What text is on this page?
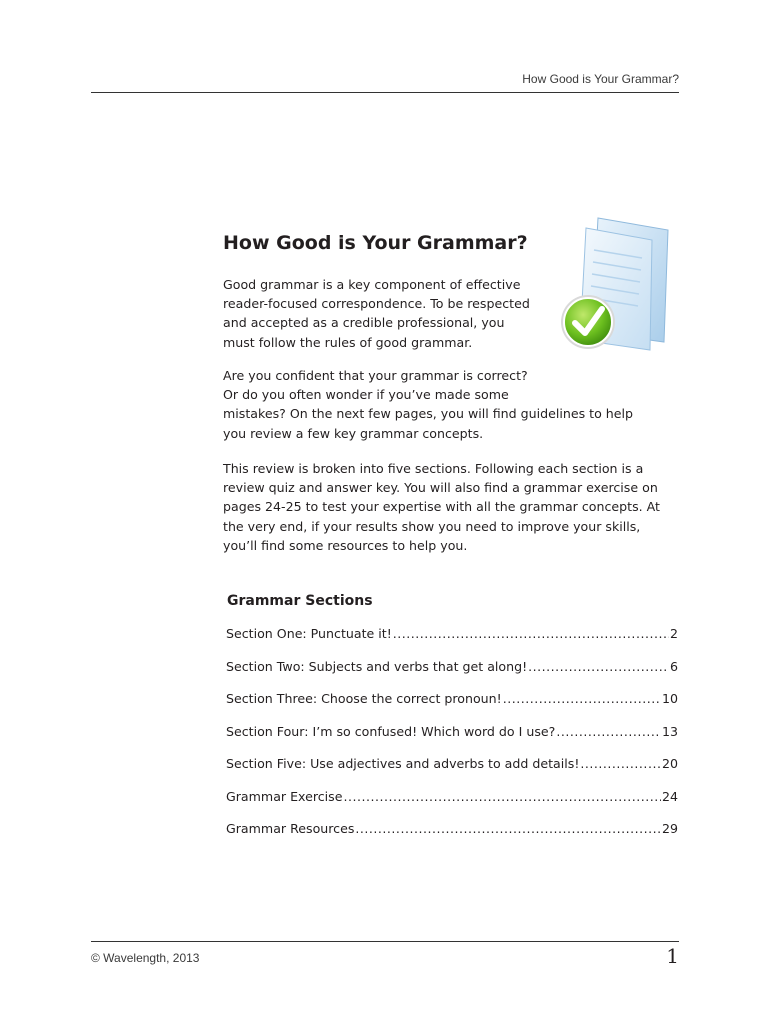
How Good is Your Grammar?
How Good is Your Grammar?

Good grammar is a key component of effective
reader-focused correspondence. To be respected
and accepted as a credible professional, you
must follow the rules of good grammar.

Are you confident that your grammar is correct?
Or do you often wonder if you’ve made some
mistakes? On the next few pages, you will find guidelines to help
you review a few key grammar concepts.

This review is broken into five sections. Following each section is a
review quiz and answer key. You will also find a grammar exercise on
pages 24-25 to test your expertise with all the grammar concepts. At
the very end, if your results show you need to improve your skills,
you’ll find some resources to help you.

Grammar Sections
Section One: Punctuate it! .....	2
Section Two: Subjects and verbs that get along! .....	6
Section Three: Choose the correct pronoun! .....	10
Section Four: I’m so confused! Which word do I use? .....	13
Section Five: Use adjectives and adverbs to add details! .....	20
Grammar Exercise .....	24
Grammar Resources .....	29
© Wavelength, 2013	1
